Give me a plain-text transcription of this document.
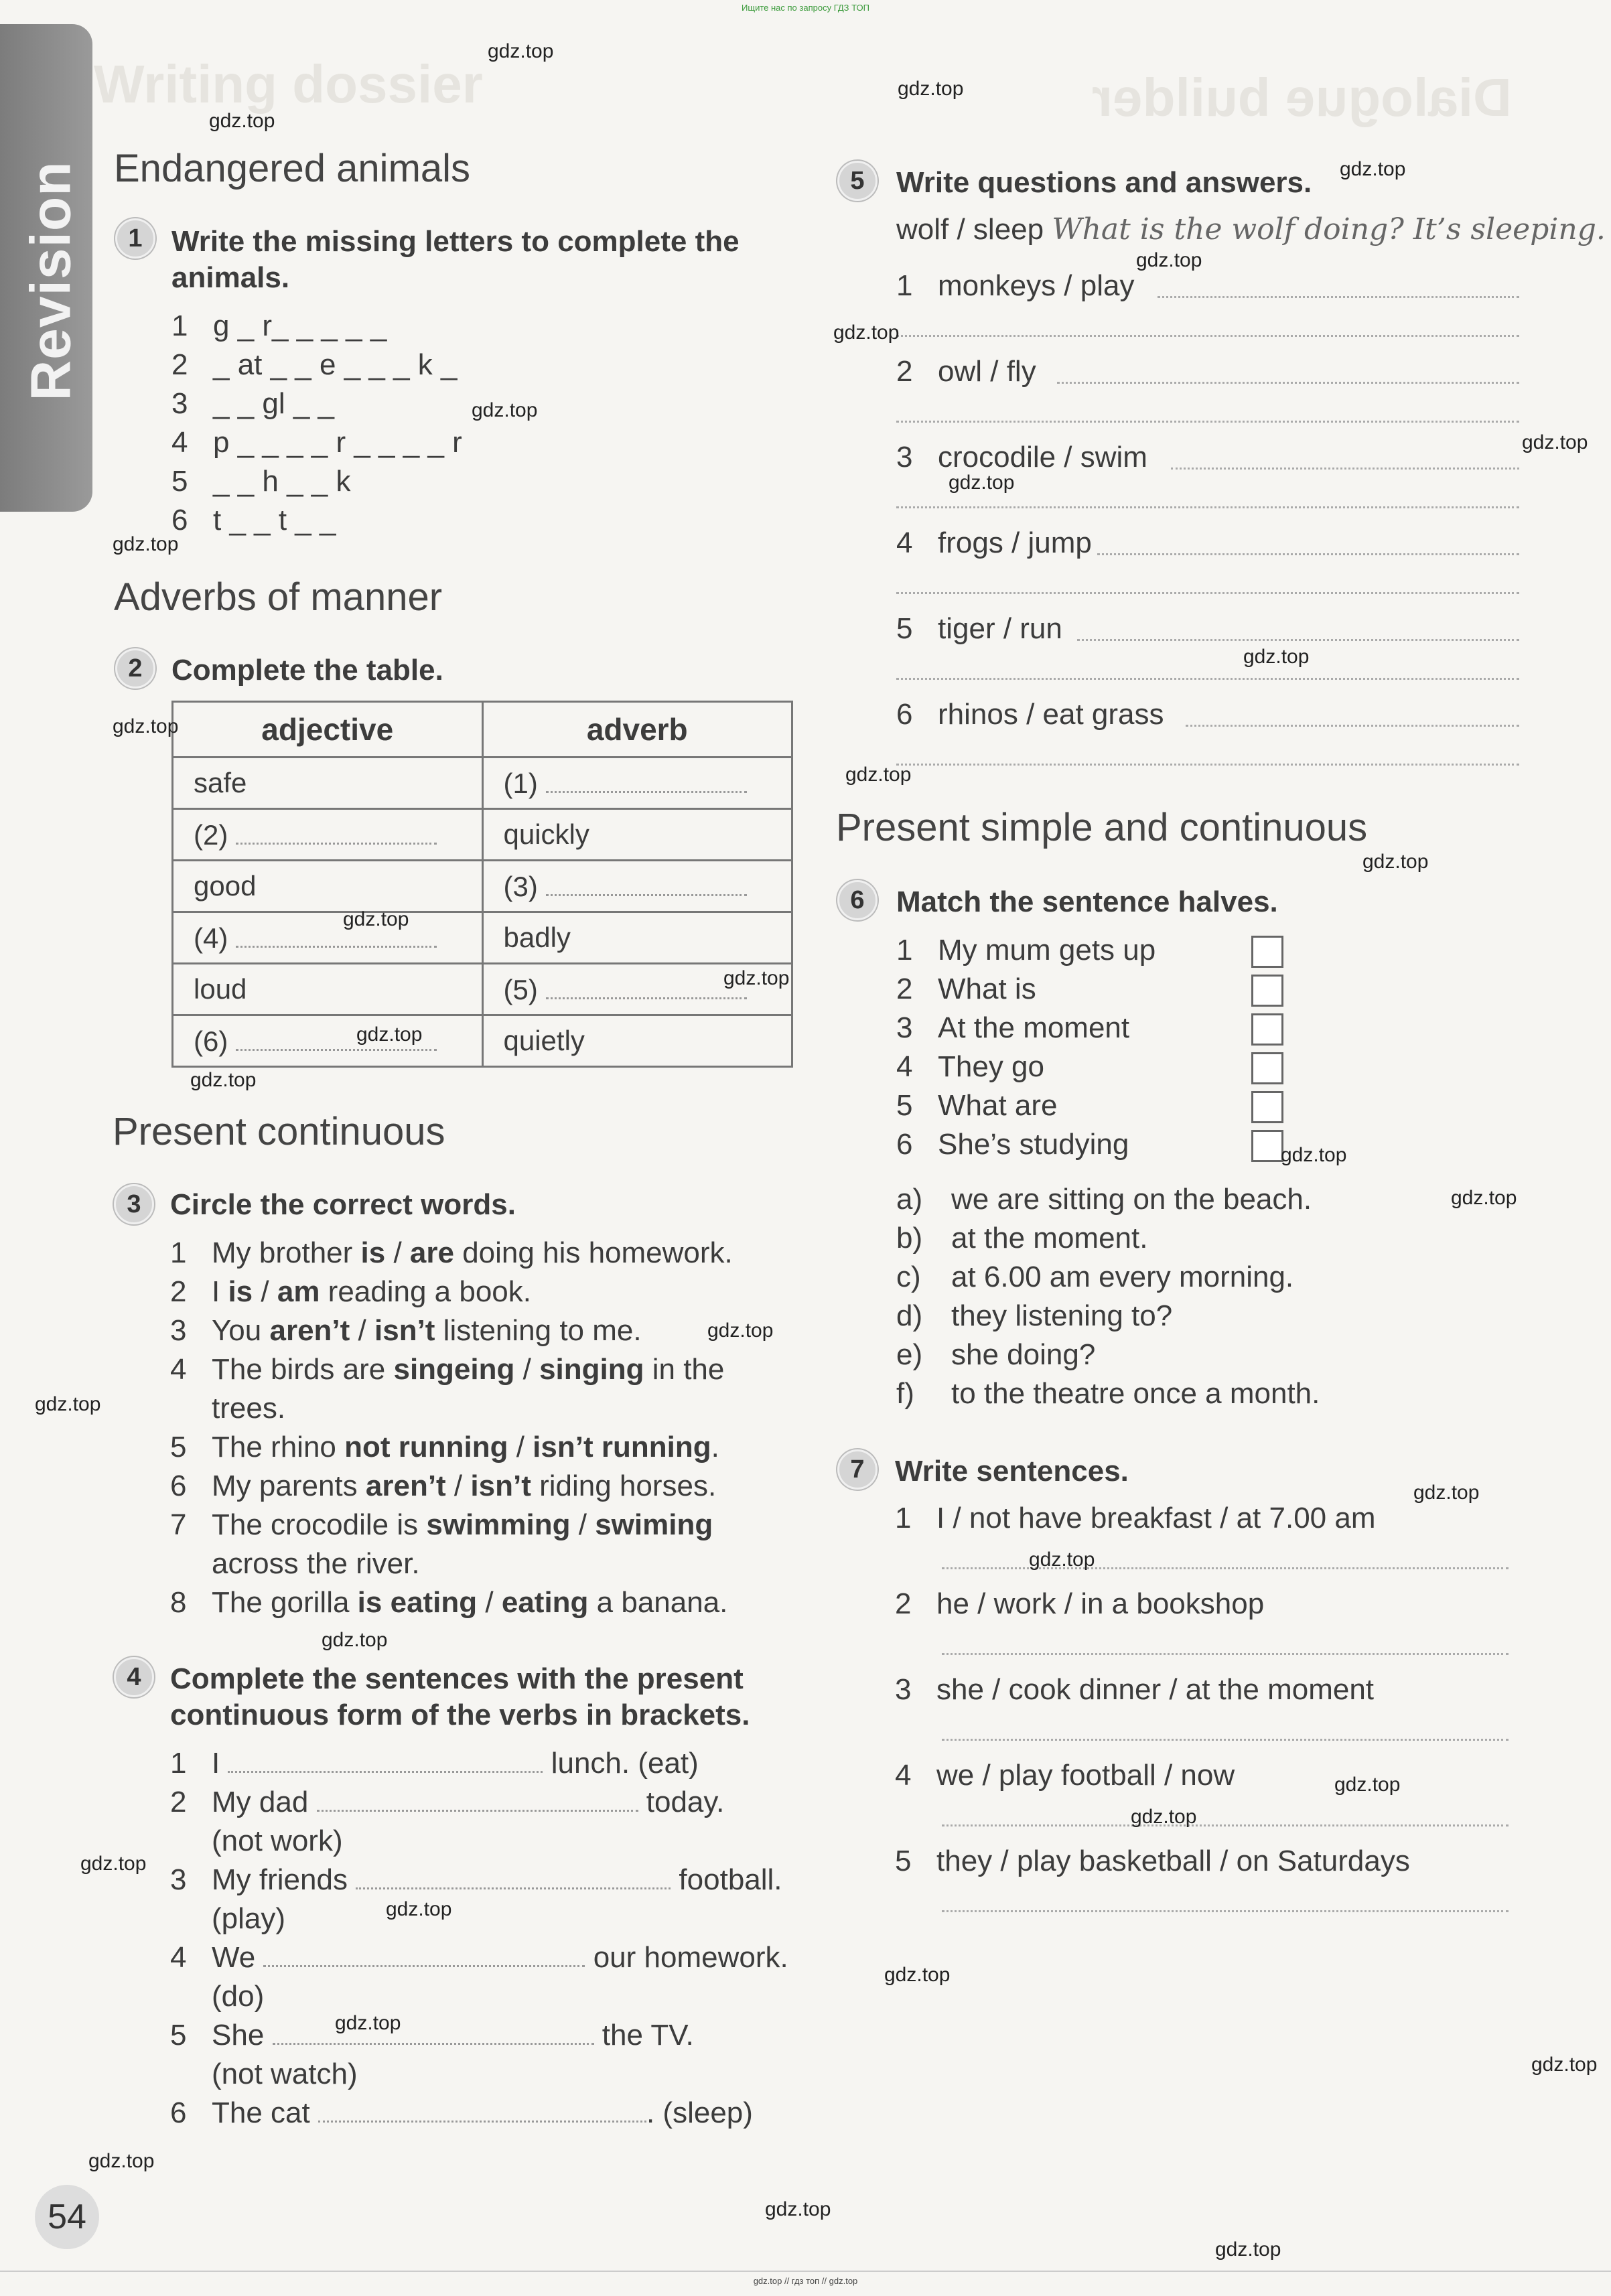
Ищите нас по запросу ГДЗ ТОП
gdz.top // гдз топ // gdz.top
Writing dossier	Dialogue builder
Revision Endangered animals
1 Write the missing letters to complete the
animals.
1 g _ r_ _ _ _ _
2 _ at _ _ e _ _ _ k _
3 _ _ gl _ _
4 p _ _ _ _ r _ _ _ _ r
5 _ _ h _ _ k
6 t _ _ t _ _
Adverbs of manner
2 Complete the table.
adjective	adverb
safe	(1)
(2)	quickly
good	(3)
(4)	badly
loud	(5)
(6)	quietly
Present continuous
3 Circle the correct words.
1 My brother is / are doing his homework.
2 I is / am reading a book.
3 You aren’t / isn’t listening to me.
4 The birds are singeing / singing in the
trees.
5 The rhino not running / isn’t running.
6 My parents aren’t / isn’t riding horses.
7 The crocodile is swimming / swiming
across the river.
8 The gorilla is eating / eating a banana.
4 Complete the sentences with the present
continuous form of the verbs in brackets.
1 I	lunch. (eat)
2 My dad	today.
(not work)
3 My friends	football.
(play)
4 We	our homework.
(do)
5 She	the TV.
(not watch)
6 The cat	. (sleep)
54
5	Write questions and answers.
wolf / sleep What is the wolf doing? It’s sleeping.
1 monkeys / play
2 owl / fly
3 crocodile / swim
4 frogs / jump
5 tiger / run
6 rhinos / eat grass
Present simple and continuous
6	Match the sentence halves.
1 My mum gets up
2 What is
3 At the moment
4 They go
5 What are
6 She’s studying
a) we are sitting on the beach.
b) at the moment.
c) at 6.00 am every morning.
d) they listening to?
e) she doing?
f) to the theatre once a month.
7	Write sentences.
1 I / not have breakfast / at 7.00 am
2 he / work / in a bookshop
3 she / cook dinner / at the moment
4 we / play football / now
5 they / play basketball / on Saturdays
gdz.top
gdz.top
gdz.top
gdz.top
gdz.top
gdz.top
gdz.top
gdz.top
gdz.top
gdz.top
gdz.top
gdz.top
gdz.top
gdz.top
gdz.top
gdz.top
gdz.top
gdz.top
gdz.top
gdz.top
gdz.top
gdz.top
gdz.top
gdz.top
gdz.top
gdz.top
gdz.top
gdz.top
gdz.top
gdz.top
gdz.top
gdz.top
gdz.top
gdz.top
gdz.top
